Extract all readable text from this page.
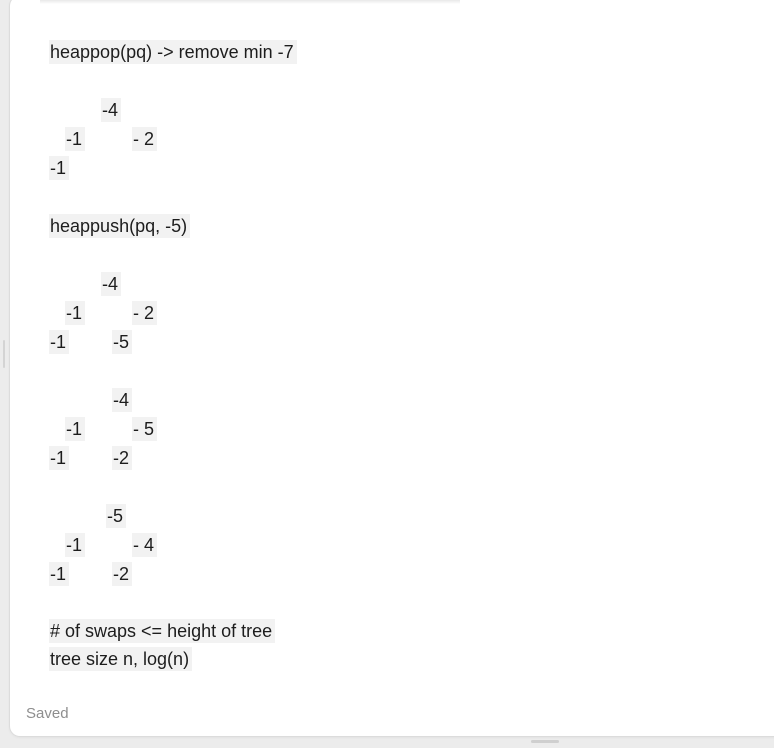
heappop(pq) -> remove min -7
-4
-1	- 2
-1
heappush(pq, -5)
-4
-1	- 2
-1	-5
-4
-1	- 5
-1	-2
-5
-1	- 4
-1	-2
# of swaps <= height of tree
tree size n, log(n)
Saved
